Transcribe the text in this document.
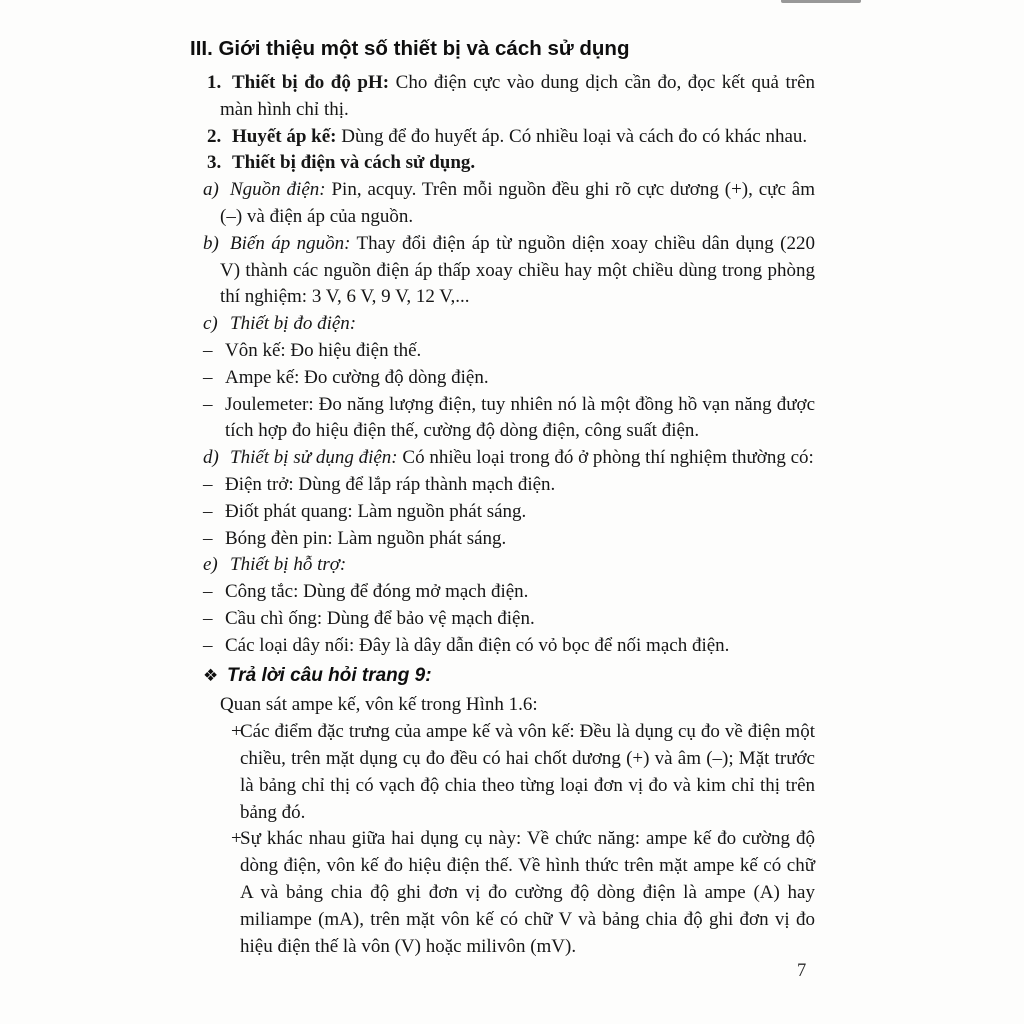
III. Giới thiệu một số thiết bị và cách sử dụng
1. Thiết bị đo độ pH: Cho điện cực vào dung dịch cần đo, đọc kết quả trên màn hình chỉ thị.
2. Huyết áp kế: Dùng để đo huyết áp. Có nhiều loại và cách đo có khác nhau.
3. Thiết bị điện và cách sử dụng.
a) Nguồn điện: Pin, acquy. Trên mỗi nguồn đều ghi rõ cực dương (+), cực âm (–) và điện áp của nguồn.
b) Biến áp nguồn: Thay đổi điện áp từ nguồn diện xoay chiều dân dụng (220 V) thành các nguồn điện áp thấp xoay chiều hay một chiều dùng trong phòng thí nghiệm: 3 V, 6 V, 9 V, 12 V,...
c) Thiết bị đo điện:
– Vôn kế: Đo hiệu điện thế.
– Ampe kế: Đo cường độ dòng điện.
– Joulemeter: Đo năng lượng điện, tuy nhiên nó là một đồng hồ vạn năng được tích hợp đo hiệu điện thế, cường độ dòng điện, công suất điện.
d) Thiết bị sử dụng điện: Có nhiều loại trong đó ở phòng thí nghiệm thường có:
– Điện trở: Dùng để lắp ráp thành mạch điện.
– Điốt phát quang: Làm nguồn phát sáng.
– Bóng đèn pin: Làm nguồn phát sáng.
e) Thiết bị hỗ trợ:
– Công tắc: Dùng để đóng mở mạch điện.
– Cầu chì ống: Dùng để bảo vệ mạch điện.
– Các loại dây nối: Đây là dây dẫn điện có vỏ bọc để nối mạch điện.
❖ Trả lời câu hỏi trang 9:
Quan sát ampe kế, vôn kế trong Hình 1.6:
+
Các điểm đặc trưng của ampe kế và vôn kế: Đều là dụng cụ đo về điện một chiều, trên mặt dụng cụ đo đều có hai chốt dương (+) và âm (–); Mặt trước là bảng chỉ thị có vạch độ chia theo từng loại đơn vị đo và kim chỉ thị trên bảng đó.
+
Sự khác nhau giữa hai dụng cụ này: Về chức năng: ampe kế đo cường độ dòng điện, vôn kế đo hiệu điện thế. Về hình thức trên mặt ampe kế có chữ A và bảng chia độ ghi đơn vị đo cường độ dòng điện là ampe (A) hay miliampe (mA), trên mặt vôn kế có chữ V và bảng chia độ ghi đơn vị đo hiệu điện thế là vôn (V) hoặc milivôn (mV).
7
